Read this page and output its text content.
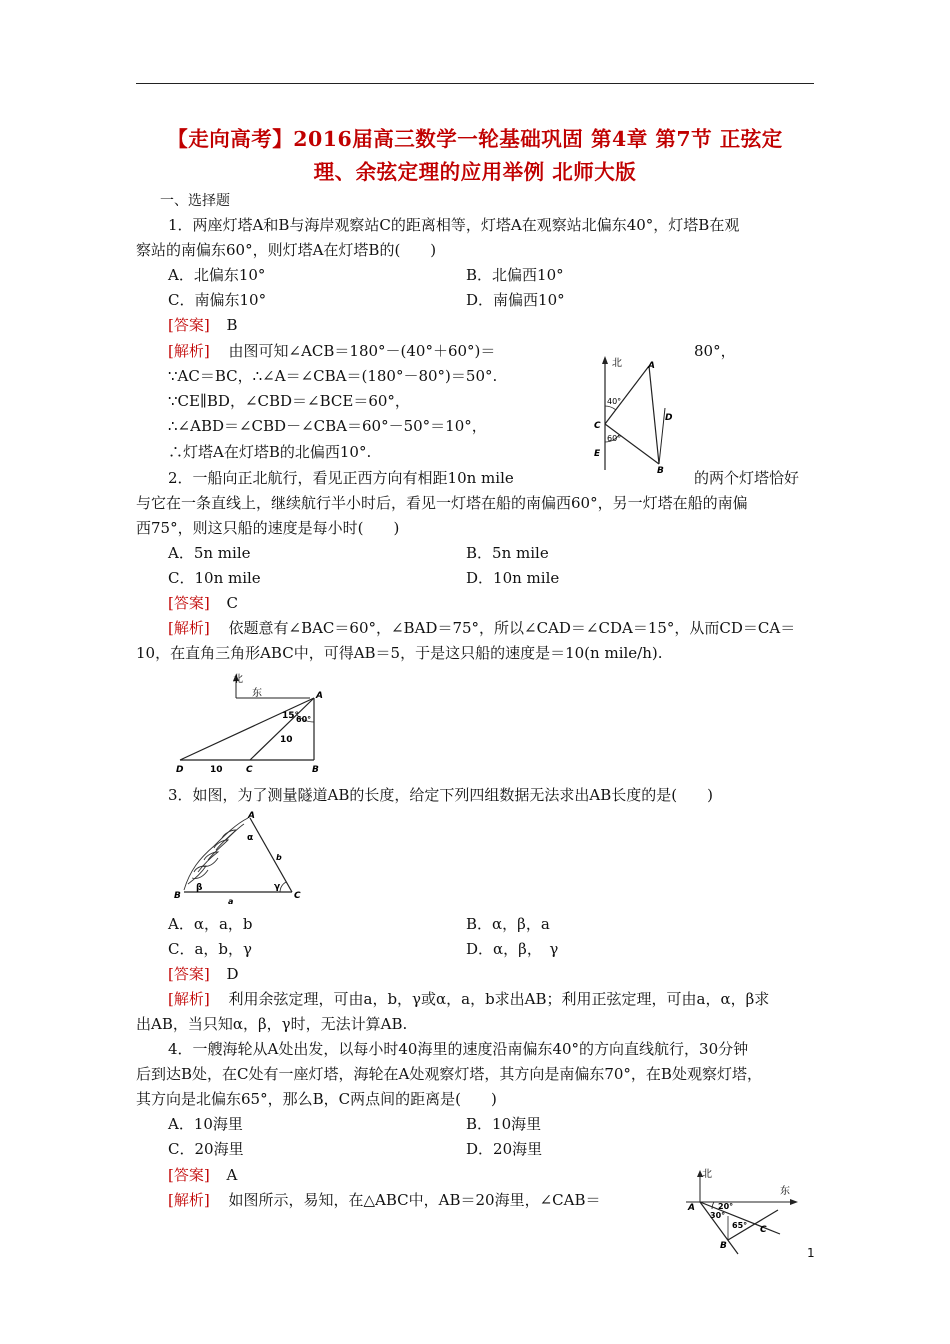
【走向高考】2016届高三数学一轮基础巩固 第4章 第7节 正弦定
理、余弦定理的应用举例 北师大版
一、选择题
1．两座灯塔A和B与海岸观察站C的距离相等，灯塔A在观察站北偏东40°，灯塔B在观
察站的南偏东60°，则灯塔A在灯塔B的(　　)
A．北偏东10°	B．北偏西10°
C．南偏东10°	D．南偏西10°
[答案] B
[解析] 由图可知∠ACB＝180°－(40°＋60°)＝	80°，
∵AC＝BC，∴∠A＝∠CBA＝(180°－80°)＝50°.
∵CE∥BD，∠CBD＝∠BCE＝60°，
∴∠ABD＝∠CBD－∠CBA＝60°－50°＝10°，
∴灯塔A在灯塔B的北偏西10°.
北	A
B
C
D
E
40°
60°
2．一船向正北航行，看见正西方向有相距10n mile	的两个灯塔恰好
与它在一条直线上，继续航行半小时后，看见一灯塔在船的南偏西60°，另一灯塔在船的南偏
西75°，则这只船的速度是每小时(　　)
A．5n mile	B．5n mile
C．10n mile	D．10n mile
[答案] C
[解析] 依题意有∠BAC＝60°，∠BAD＝75°，所以∠CAD＝∠CDA＝15°，从而CD＝CA＝
10，在直角三角形ABC中，可得AB＝5，于是这只船的速度是＝10(n mile/h).
北
东	A
B
C
D
15°
60°
10
10
3．如图，为了测量隧道AB的长度，给定下列四组数据无法求出AB长度的是(　　)
A
B	C
a
b
α
β	γ
A．α，a，b	B．α，β，a
C．a，b，γ	D．α，β，　γ
[答案] D
[解析] 利用余弦定理，可由a，b，γ或α，a，b求出AB；利用正弦定理，可由a，α，β求
出AB，当只知α，β，γ时，无法计算AB.
4．一艘海轮从A处出发，以每小时40海里的速度沿南偏东40°的方向直线航行，30分钟
后到达B处，在C处有一座灯塔，海轮在A处观察灯塔，其方向是南偏东70°，在B处观察灯塔，
其方向是北偏东65°，那么B，C两点间的距离是(　　)
A．10海里	B．10海里
C．20海里	D．20海里
[答案] A
[解析] 如图所示，易知，在△ABC中，AB＝20海里，∠CAB＝
北
东
A
B
C
20°
30°
65°
1
